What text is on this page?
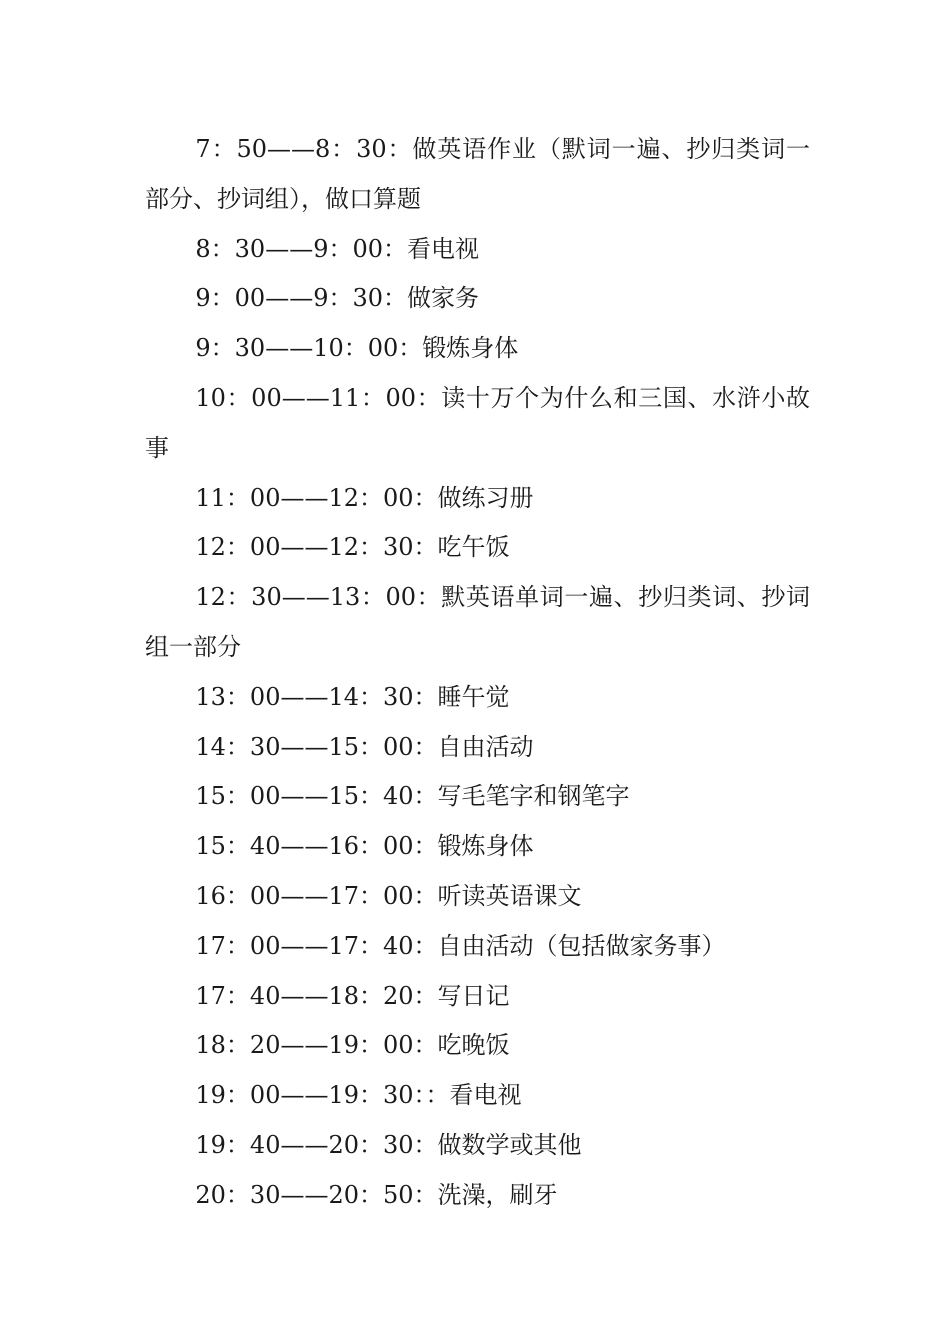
7：50——8：30：做英语作业（默词一遍、抄归类词一部分、抄词组），做口算题

8：30——9：00：看电视

9：00——9：30：做家务

9：30——10：00：锻炼身体

10：00——11：00：读十万个为什么和三国、水浒小故事

11：00——12：00：做练习册

12：00——12：30：吃午饭

12：30——13：00：默英语单词一遍、抄归类词、抄词组一部分

13：00——14：30：睡午觉

14：30——15：00：自由活动

15：00——15：40：写毛笔字和钢笔字

15：40——16：00：锻炼身体

16：00——17：00：听读英语课文

17：00——17：40：自由活动（包括做家务事）

17：40——18：20：写日记

18：20——19：00：吃晚饭

19：00——19：30：：看电视

19：40——20：30：做数学或其他

20：30——20：50：洗澡，刷牙
